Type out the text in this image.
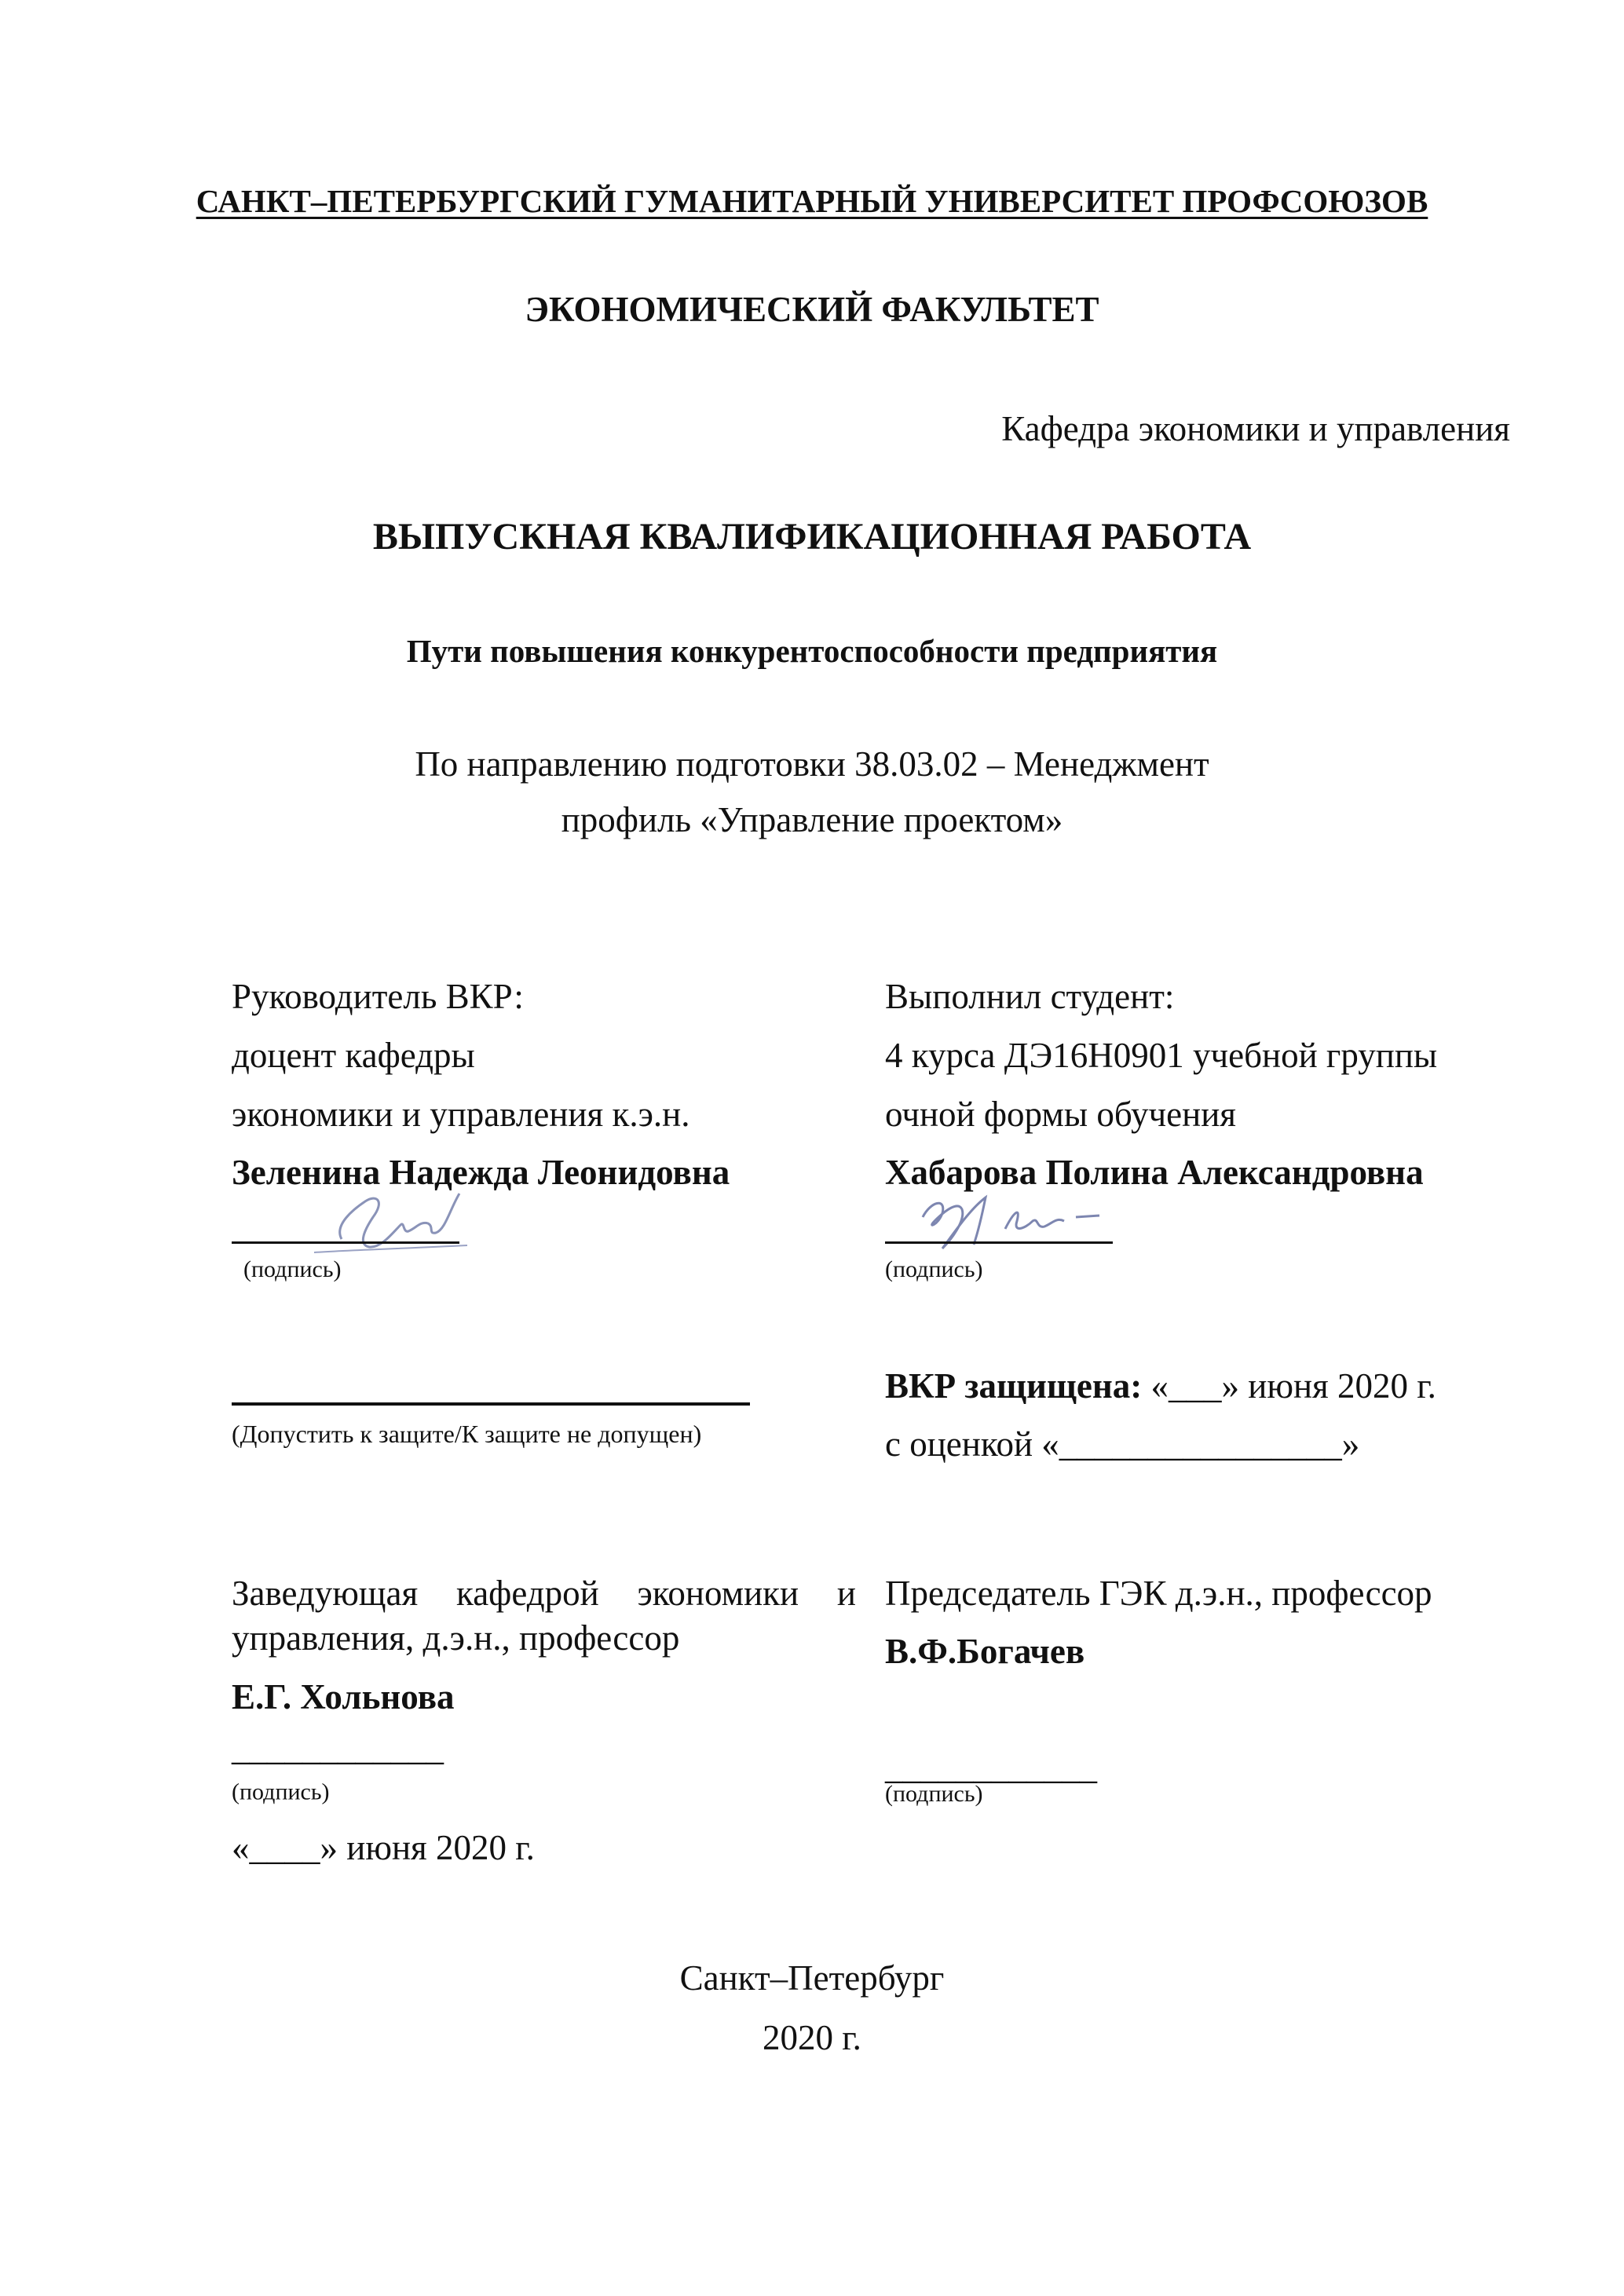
САНКТ–ПЕТЕРБУРГСКИЙ ГУМАНИТАРНЫЙ УНИВЕРСИТЕТ ПРОФСОЮЗОВ
ЭКОНОМИЧЕСКИЙ ФАКУЛЬТЕТ
Кафедра экономики и управления
ВЫПУСКНАЯ КВАЛИФИКАЦИОННАЯ РАБОТА
Пути повышения конкурентоспособности предприятия
По направлению подготовки 38.03.02 – Менеджмент
профиль «Управление проектом»
Руководитель ВКР:
доцент кафедры
экономики и управления к.э.н.
Зеленина Надежда Леонидовна
(подпись)
Выполнил студент:
4 курса ДЭ16Н0901 учебной группы
очной формы обучения
Хабарова Полина Александровна
(подпись)
(Допустить к защите/К защите не допущен)
ВКР защищена: «___» июня 2020 г.
с оценкой «________________»
Заведующая кафедрой экономики и
управления, д.э.н., профессор
Е.Г. Хольнова
____________
(подпись)
«____» июня 2020 г.
Председатель ГЭК д.э.н., профессор
В.Ф.Богачев
____________
(подпись)
Санкт–Петербург
2020 г.
